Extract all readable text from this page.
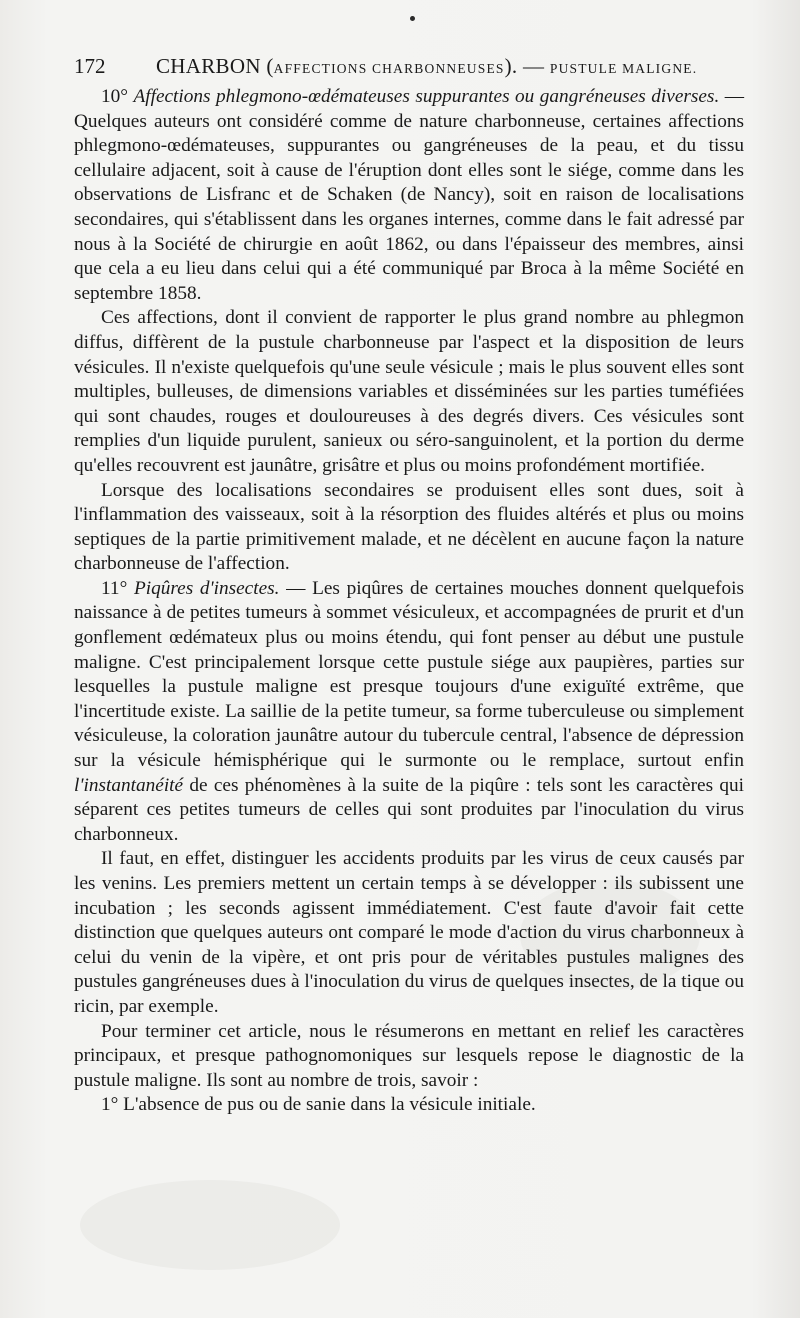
172 CHARBON (AFFECTIONS CHARBONNEUSES). — PUSTULE MALIGNE.

10° Affections phlegmono-œdémateuses suppurantes ou gangréneuses diverses. — Quelques auteurs ont considéré comme de nature charbonneuse, certaines affections phlegmono-œdémateuses, suppurantes ou gangréneuses de la peau, et du tissu cellulaire adjacent, soit à cause de l'éruption dont elles sont le siége, comme dans les observations de Lisfranc et de Schaken (de Nancy), soit en raison de localisations secondaires, qui s'établissent dans les organes internes, comme dans le fait adressé par nous à la Société de chirurgie en août 1862, ou dans l'épaisseur des membres, ainsi que cela a eu lieu dans celui qui a été communiqué par Broca à la même Société en septembre 1858.

Ces affections, dont il convient de rapporter le plus grand nombre au phlegmon diffus, diffèrent de la pustule charbonneuse par l'aspect et la disposition de leurs vésicules. Il n'existe quelquefois qu'une seule vésicule ; mais le plus souvent elles sont multiples, bulleuses, de dimensions variables et disséminées sur les parties tuméfiées qui sont chaudes, rouges et douloureuses à des degrés divers. Ces vésicules sont remplies d'un liquide purulent, sanieux ou séro-sanguinolent, et la portion du derme qu'elles recouvrent est jaunâtre, grisâtre et plus ou moins profondément mortifiée.

Lorsque des localisations secondaires se produisent elles sont dues, soit à l'inflammation des vaisseaux, soit à la résorption des fluides altérés et plus ou moins septiques de la partie primitivement malade, et ne décèlent en aucune façon la nature charbonneuse de l'affection.

11° Piqûres d'insectes. — Les piqûres de certaines mouches donnent quelquefois naissance à de petites tumeurs à sommet vésiculeux, et accompagnées de prurit et d'un gonflement œdémateux plus ou moins étendu, qui font penser au début une pustule maligne. C'est principalement lorsque cette pustule siége aux paupières, parties sur lesquelles la pustule maligne est presque toujours d'une exiguïté extrême, que l'incertitude existe. La saillie de la petite tumeur, sa forme tuberculeuse ou simplement vésiculeuse, la coloration jaunâtre autour du tubercule central, l'absence de dépression sur la vésicule hémisphérique qui le surmonte ou le remplace, surtout enfin l'instantanéité de ces phénomènes à la suite de la piqûre : tels sont les caractères qui séparent ces petites tumeurs de celles qui sont produites par l'inoculation du virus charbonneux.

Il faut, en effet, distinguer les accidents produits par les virus de ceux causés par les venins. Les premiers mettent un certain temps à se développer : ils subissent une incubation ; les seconds agissent immédiatement. C'est faute d'avoir fait cette distinction que quelques auteurs ont comparé le mode d'action du virus charbonneux à celui du venin de la vipère, et ont pris pour de véritables pustules malignes des pustules gangréneuses dues à l'inoculation du virus de quelques insectes, de la tique ou ricin, par exemple.

Pour terminer cet article, nous le résumerons en mettant en relief les caractères principaux, et presque pathognomoniques sur lesquels repose le diagnostic de la pustule maligne. Ils sont au nombre de trois, savoir :

1° L'absence de pus ou de sanie dans la vésicule initiale.
